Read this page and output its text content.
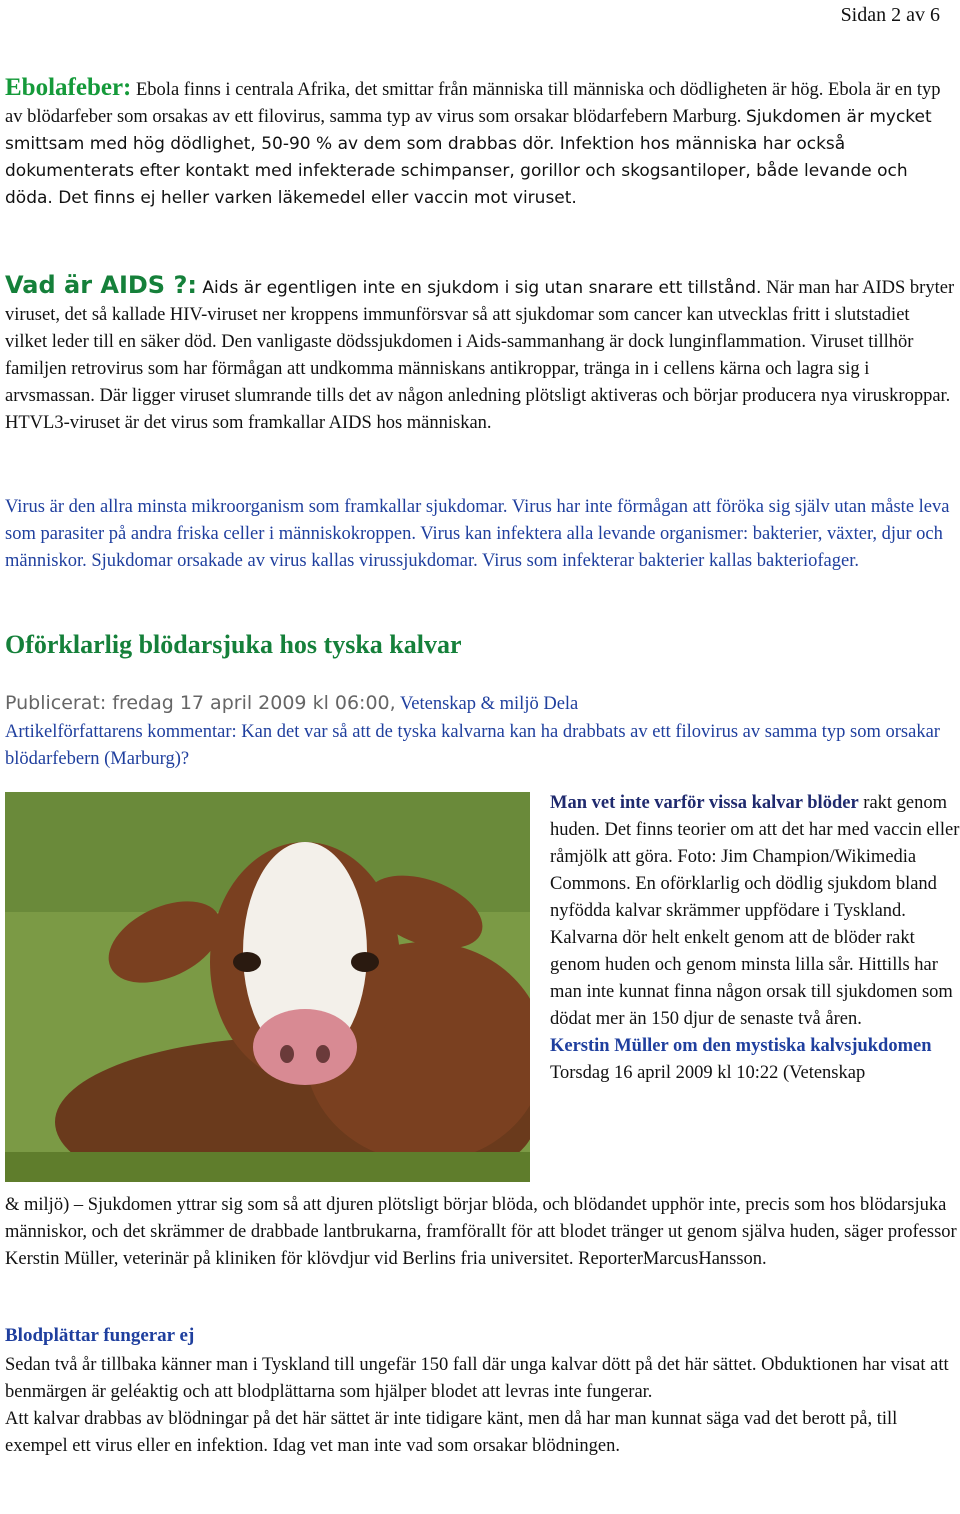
Sidan 2 av 6

Ebolafeber: Ebola finns i centrala Afrika, det smittar från människa till människa och dödligheten är hög. Ebola är en typ av blödarfeber som orsakas av ett filovirus, samma typ av virus som orsakar blödarfebern Marburg. Sjukdomen är mycket smittsam med hög dödlighet, 50-90 % av dem som drabbas dör. Infektion hos människa har också dokumenterats efter kontakt med infekterade schimpanser, gorillor och skogsantiloper, både levande och döda. Det finns ej heller varken läkemedel eller vaccin mot viruset.

Vad är AIDS ?: Aids är egentligen inte en sjukdom i sig utan snarare ett tillstånd. När man har AIDS bryter viruset, det så kallade HIV-viruset ner kroppens immunförsvar så att sjukdomar som cancer kan utvecklas fritt i slutstadiet vilket leder till en säker död. Den vanligaste dödssjukdomen i Aids-sammanhang är dock lunginflammation. Viruset tillhör familjen retrovirus som har förmågan att undkomma människans antikroppar, tränga in i cellens kärna och lagra sig i arvsmassan. Där ligger viruset slumrande tills det av någon anledning plötsligt aktiveras och börjar producera nya viruskroppar. HTVL3-viruset är det virus som framkallar AIDS hos människan.

Virus är den allra minsta mikroorganism som framkallar sjukdomar. Virus har inte förmågan att föröka sig själv utan måste leva som parasiter på andra friska celler i människokroppen. Virus kan infektera alla levande organismer: bakterier, växter, djur och människor. Sjukdomar orsakade av virus kallas virussjukdomar. Virus som infekterar bakterier kallas bakteriofager.

Oförklarlig blödarsjuka hos tyska kalvar

Publicerat: fredag 17 april 2009 kl 06:00, Vetenskap & miljö Dela

Artikelförfattarens kommentar: Kan det var så att de tyska kalvarna kan ha drabbats av ett filovirus av samma typ som orsakar blödarfebern (Marburg)?

Man vet inte varför vissa kalvar blöder rakt genom huden. Det finns teorier om att det har med vaccin eller råmjölk att göra. Foto: Jim Champion/Wikimedia Commons. En oförklarlig och dödlig sjukdom bland nyfödda kalvar skrämmer uppfödare i Tyskland. Kalvarna dör helt enkelt genom att de blöder rakt genom huden och genom minsta lilla sår. Hittills har man inte kunnat finna någon orsak till sjukdomen som dödat mer än 150 djur de senaste två åren.
Kerstin Müller om den mystiska kalvsjukdomen
Torsdag 16 april 2009 kl 10:22 (Vetenskap

& miljö) – Sjukdomen yttrar sig som så att djuren plötsligt börjar blöda, och blödandet upphör inte, precis som hos blödarsjuka människor, och det skrämmer de drabbade lantbrukarna, framförallt för att blodet tränger ut genom själva huden, säger professor Kerstin Müller, veterinär på kliniken för klövdjur vid Berlins fria universitet. ReporterMarcusHansson.

Blodplättar fungerar ej

Sedan två år tillbaka känner man i Tyskland till ungefär 150 fall där unga kalvar dött på det här sättet. Obduktionen har visat att benmärgen är geléaktig och att blodplättarna som hjälper blodet att levras inte fungerar.

Att kalvar drabbas av blödningar på det här sättet är inte tidigare känt, men då har man kunnat säga vad det berott på, till exempel ett virus eller en infektion. Idag vet man inte vad som orsakar blödningen.
